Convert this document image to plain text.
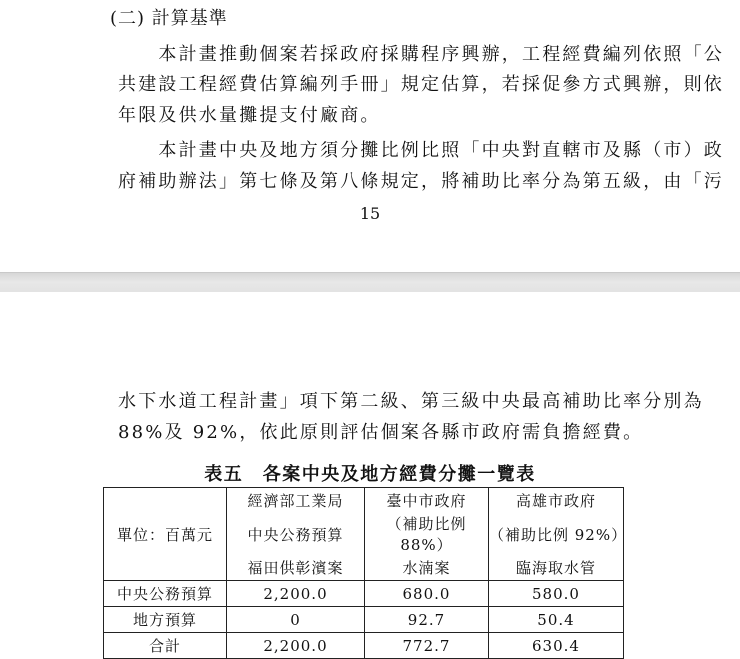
(二) 計算基準
　　本計畫推動個案若採政府採購程序興辦，工程經費編列依照「公
共建設工程經費估算編列手冊」規定估算，若採促參方式興辦，則依
年限及供水量攤提支付廠商。
　　本計畫中央及地方須分攤比例比照「中央對直轄市及縣（市）政
府補助辦法」第七條及第八條規定，將補助比率分為第五級，由「污
15
水下水道工程計畫」項下第二級、第三級中央最高補助比率分別為
88%及 92%，依此原則評估個案各縣市政府需負擔經費。
表五　各案中央及地方經費分攤一覽表
單位：百萬元	經濟部工業局	臺中市政府	高雄市政府
	中央公務預算	（補助比例 88%）	（補助比例 92%）
	福田供彰濱案	水湳案	臨海取水管
中央公務預算	2,200.0	680.0	580.0
地方預算	0	92.7	50.4
合計	2,200.0	772.7	630.4
